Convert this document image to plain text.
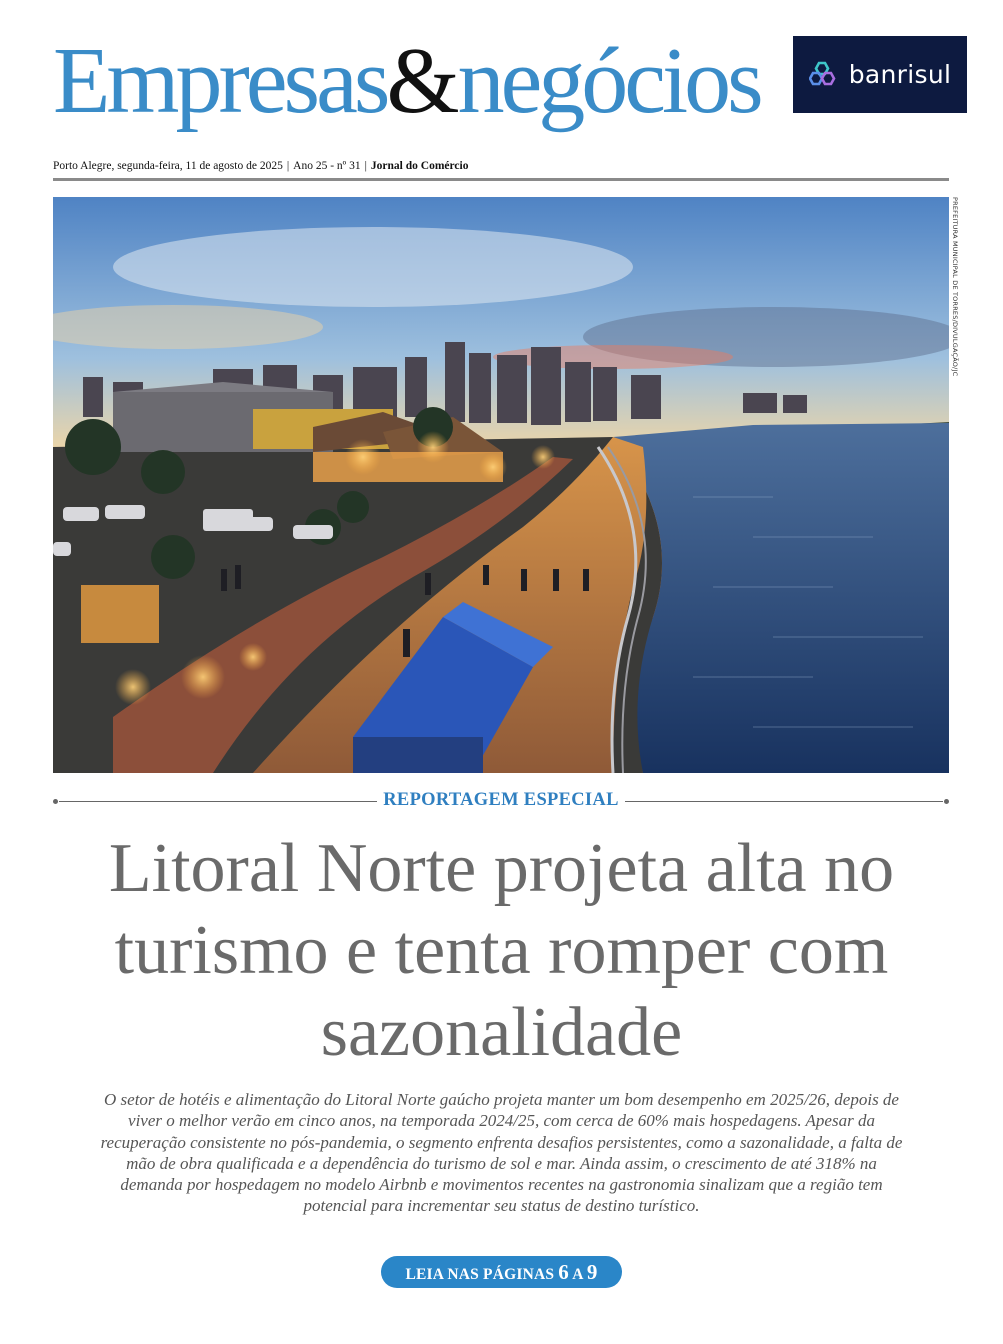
Empresas&negócios	banrisul
Porto Alegre, segunda-feira, 11 de agosto de 2025 | Ano 25 - nº 31 | Jornal do Comércio
PREFEITURA MUNICIPAL DE TORRES/DIVULGAÇÃO/JC
REPORTAGEM ESPECIAL
Litoral Norte projeta alta no turismo e tenta romper com sazonalidade

O setor de hotéis e alimentação do Litoral Norte gaúcho projeta manter um bom desempenho em 2025/26, depois de viver o melhor verão em cinco anos, na temporada 2024/25, com cerca de 60% mais hospedagens. Apesar da recuperação consistente no pós-pandemia, o segmento enfrenta desafios persistentes, como a sazonalidade, a falta de mão de obra qualificada e a dependência do turismo de sol e mar. Ainda assim, o crescimento de até 318% na demanda por hospedagem no modelo Airbnb e movimentos recentes na gastronomia sinalizam que a região tem potencial para incrementar seu status de destino turístico.

LEIA NAS PÁGINAS 6 A 9
